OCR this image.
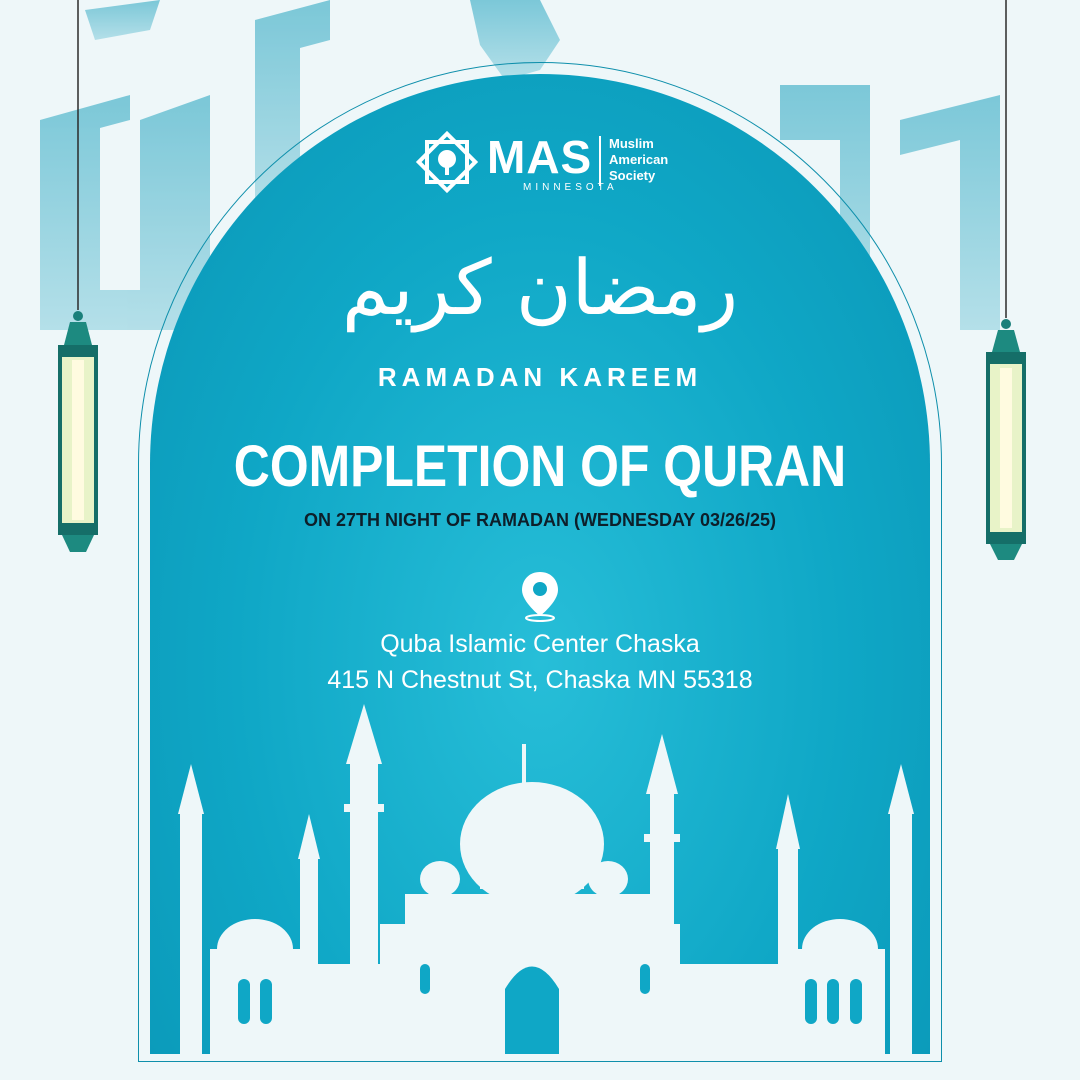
MAS Muslim
American
Society
MINNESOTA
رمضان كريم
RAMADAN KAREEM
COMPLETION OF QURAN
ON 27TH NIGHT OF RAMADAN (WEDNESDAY 03/26/25)
Quba Islamic Center Chaska
415 N Chestnut St, Chaska MN 55318
